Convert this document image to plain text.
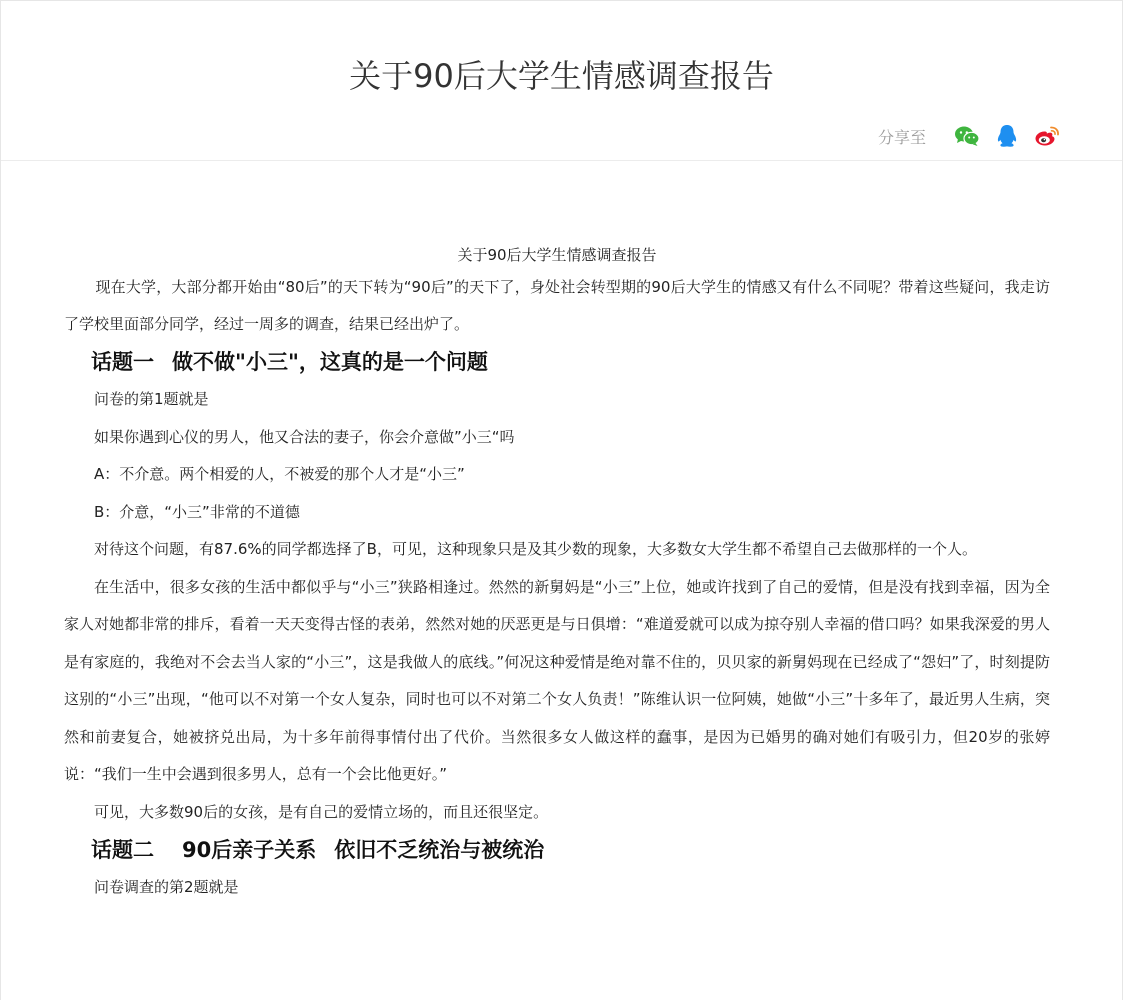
关于90后大学生情感调查报告
分享至

关于90后大学生情感调查报告

现在大学，大部分都开始由“80后”的天下转为“90后”的天下了，身处社会转型期的90后大学生的情感又有什么不同呢？带着这些疑问，我走访了学校里面部分同学，经过一周多的调查，结果已经出炉了。

话题一 做不做"小三"，这真的是一个问题

问卷的第1题就是

如果你遇到心仪的男人，他又合法的妻子，你会介意做”小三“吗

A：不介意。两个相爱的人，不被爱的那个人才是“小三”

B：介意，“小三”非常的不道德

对待这个问题，有87.6%的同学都选择了B，可见，这种现象只是及其少数的现象，大多数女大学生都不希望自己去做那样的一个人。

在生活中，很多女孩的生活中都似乎与“小三”狭路相逢过。然然的新舅妈是“小三”上位，她或许找到了自己的爱情，但是没有找到幸福，因为全家人对她都非常的排斥，看着一天天变得古怪的表弟，然然对她的厌恶更是与日俱增：“难道爱就可以成为掠夺别人幸福的借口吗？如果我深爱的男人是有家庭的，我绝对不会去当人家的“小三”，这是我做人的底线。”何况这种爱情是绝对靠不住的，贝贝家的新舅妈现在已经成了“怨妇”了，时刻提防这别的“小三”出现，“他可以不对第一个女人复杂，同时也可以不对第二个女人负责！”陈维认识一位阿姨，她做“小三”十多年了，最近男人生病，突然和前妻复合，她被挤兑出局，为十多年前得事情付出了代价。当然很多女人做这样的蠢事，是因为已婚男的确对她们有吸引力，但20岁的张婷说：“我们一生中会遇到很多男人，总有一个会比他更好。”

可见，大多数90后的女孩，是有自己的爱情立场的，而且还很坚定。

话题二 90后亲子关系 依旧不乏统治与被统治

问卷调查的第2题就是
